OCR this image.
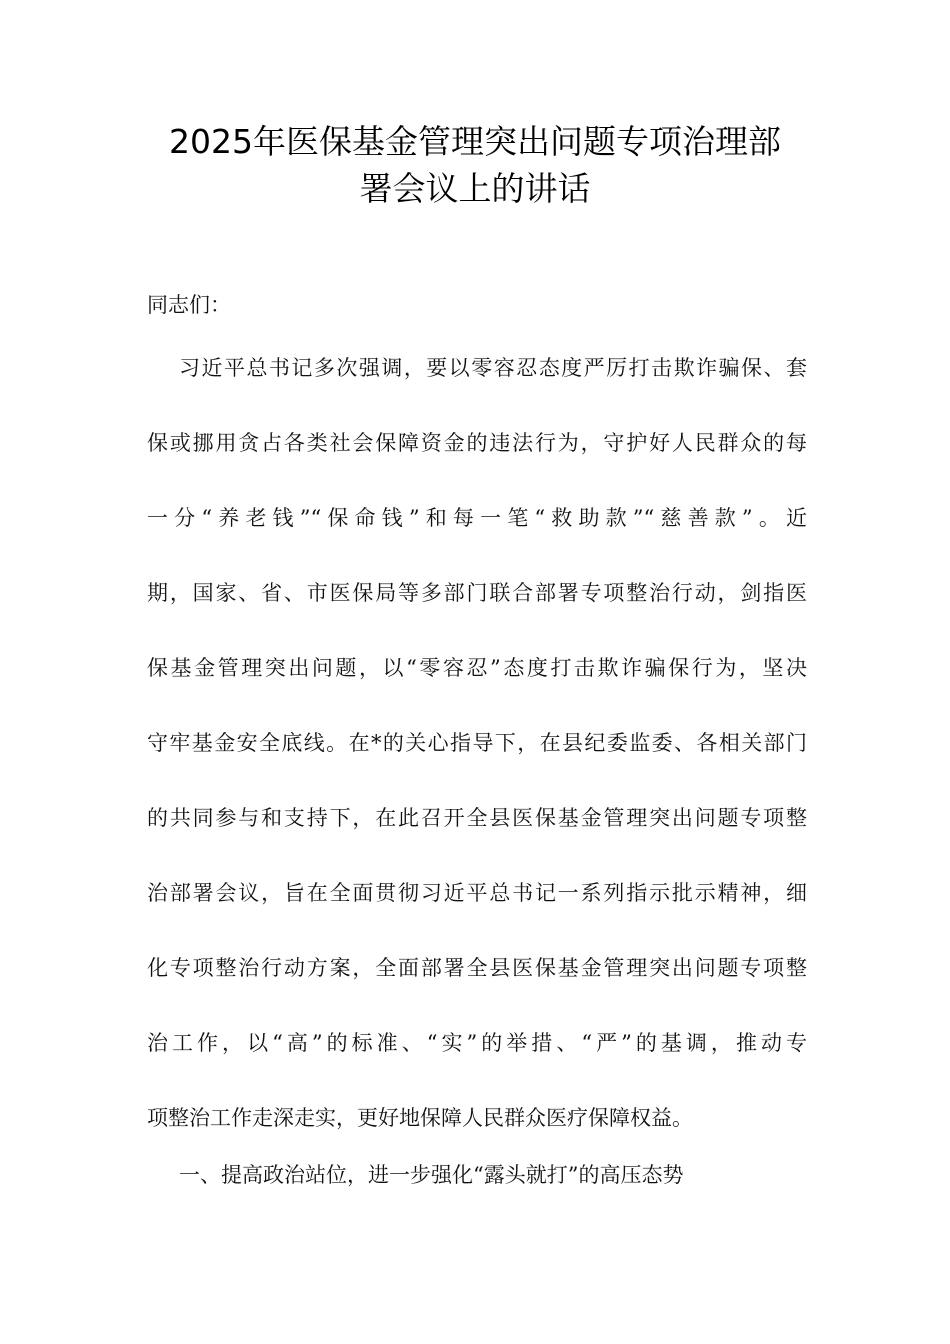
2025年医保基金管理突出问题专项治理部
署会议上的讲话
同志们：
习近平总书记多次强调，要以零容忍态度严厉打击欺诈骗保、套
保或挪用贪占各类社会保障资金的违法行为，守护好人民群众的每
一分“养老钱”“保命钱”和每一笔“救助款”“慈善款”。近
期，国家、省、市医保局等多部门联合部署专项整治行动，剑指医
保基金管理突出问题，以“零容忍”态度打击欺诈骗保行为，坚决
守牢基金安全底线。在*的关心指导下，在县纪委监委、各相关部门
的共同参与和支持下，在此召开全县医保基金管理突出问题专项整
治部署会议，旨在全面贯彻习近平总书记一系列指示批示精神，细
化专项整治行动方案，全面部署全县医保基金管理突出问题专项整
治工作，以“高”的标准、“实”的举措、“严”的基调，推动专
项整治工作走深走实，更好地保障人民群众医疗保障权益。
一、提高政治站位，进一步强化“露头就打”的高压态势
